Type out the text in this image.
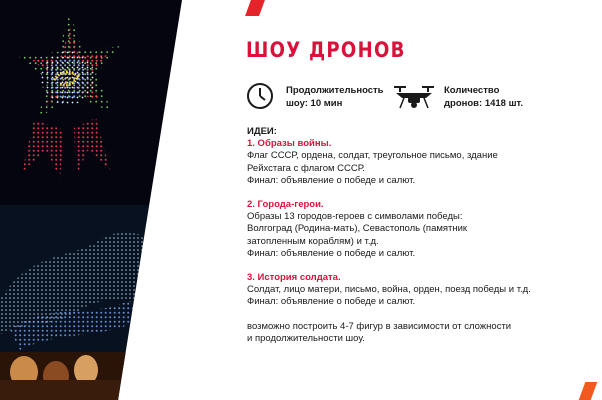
ШОУ ДРОНОВ
Продолжительность
шоу: 10 мин
Количество
дронов: 1418 шт.

ИДЕИ:

1. Образы войны.

Флаг СССР, ордена, солдат, треугольное письмо, здание

Рейхстага с флагом СССР.

Финал: объявление о победе и салют.

2. Города-герои.

Образы 13 городов-героев с символами победы:

Волгоград (Родина-мать), Севастополь (памятник

затопленным кораблям) и т.д.

Финал: объявление о победе и салют.

3. История солдата.

Солдат, лицо матери, письмо, война, орден, поезд победы и т.д.

Финал: объявление о победе и салют.

возможно построить 4-7 фигур в зависимости от сложности

и продолжительности шоу.
